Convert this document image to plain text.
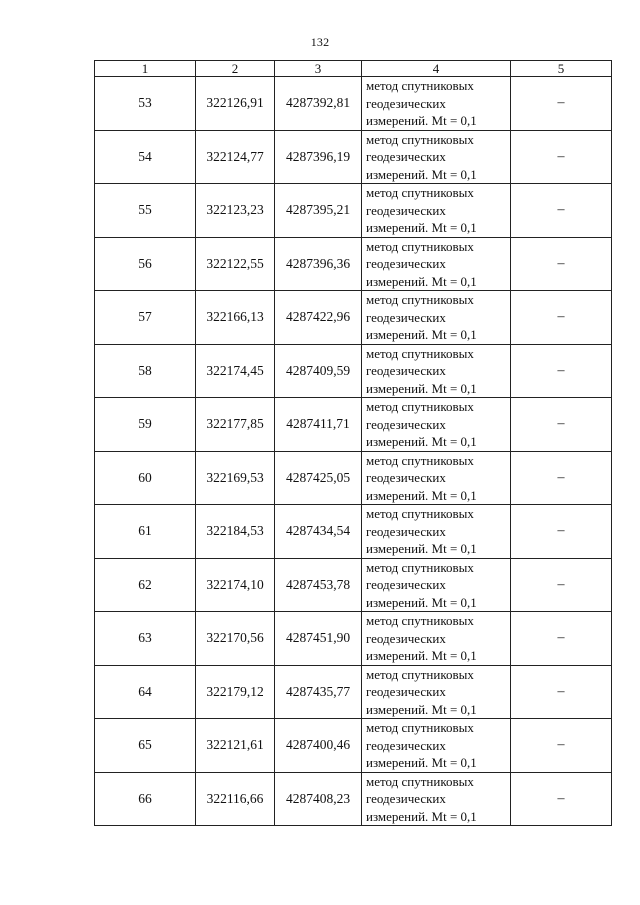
132
1	2	3	4	5
53	322126,91	4287392,81	метод спутниковых
геодезических
измерений. Mt = 0,1	–
54	322124,77	4287396,19	метод спутниковых
геодезических
измерений. Mt = 0,1	–
55	322123,23	4287395,21	метод спутниковых
геодезических
измерений. Mt = 0,1	–
56	322122,55	4287396,36	метод спутниковых
геодезических
измерений. Mt = 0,1	–
57	322166,13	4287422,96	метод спутниковых
геодезических
измерений. Mt = 0,1	–
58	322174,45	4287409,59	метод спутниковых
геодезических
измерений. Mt = 0,1	–
59	322177,85	4287411,71	метод спутниковых
геодезических
измерений. Mt = 0,1	–
60	322169,53	4287425,05	метод спутниковых
геодезических
измерений. Mt = 0,1	–
61	322184,53	4287434,54	метод спутниковых
геодезических
измерений. Mt = 0,1	–
62	322174,10	4287453,78	метод спутниковых
геодезических
измерений. Mt = 0,1	–
63	322170,56	4287451,90	метод спутниковых
геодезических
измерений. Mt = 0,1	–
64	322179,12	4287435,77	метод спутниковых
геодезических
измерений. Mt = 0,1	–
65	322121,61	4287400,46	метод спутниковых
геодезических
измерений. Mt = 0,1	–
66	322116,66	4287408,23	метод спутниковых
геодезических
измерений. Mt = 0,1	–
